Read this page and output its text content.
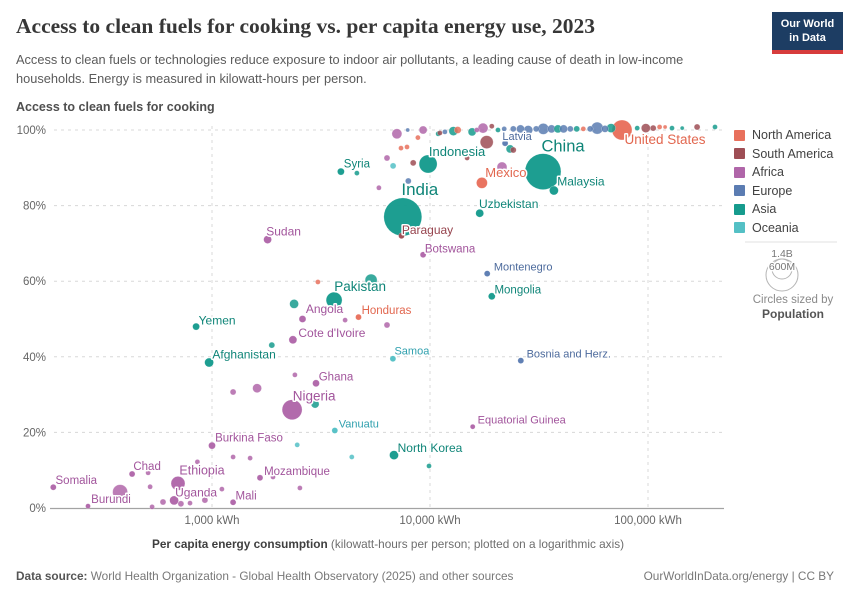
1,000 kWh	10,000 kWh	100,000 kWh
100%
80%
60%
40%
20%
0%
United States
China
India
Indonesia
Mexico
Malaysia
Uzbekistan
Latvia
Syria
Paraguay
Sudan
Botswana
Montenegro
Mongolia
Pakistan
Angola Honduras
Cote d'Ivoire
Yemen
Afghanistan	Samoa	Bosnia and Herz.
Ghana
Nigeria
Vanuatu
North Korea
Equatorial Guinea
Burkina Faso
Chad Ethiopia
Somalia
Uganda Mali
Mozambique
Burundi
1.4B
600M
Circles sized by
Population
Access to clean fuels for cooking vs. per capita energy use, 2023
Access to clean fuels or technologies reduce exposure to indoor air pollutants, a leading cause of death in low-income households. Energy is measured in kilowatt-hours per person.
Our World
in Data
Access to clean fuels for cooking
Per capita energy consumption (kilowatt-hours per person; plotted on a logarithmic axis)
North America
South America
Africa
Europe
Asia
Oceania
Data source: World Health Organization - Global Health Observatory (2025) and other sources	OurWorldInData.org/energy | CC BY
